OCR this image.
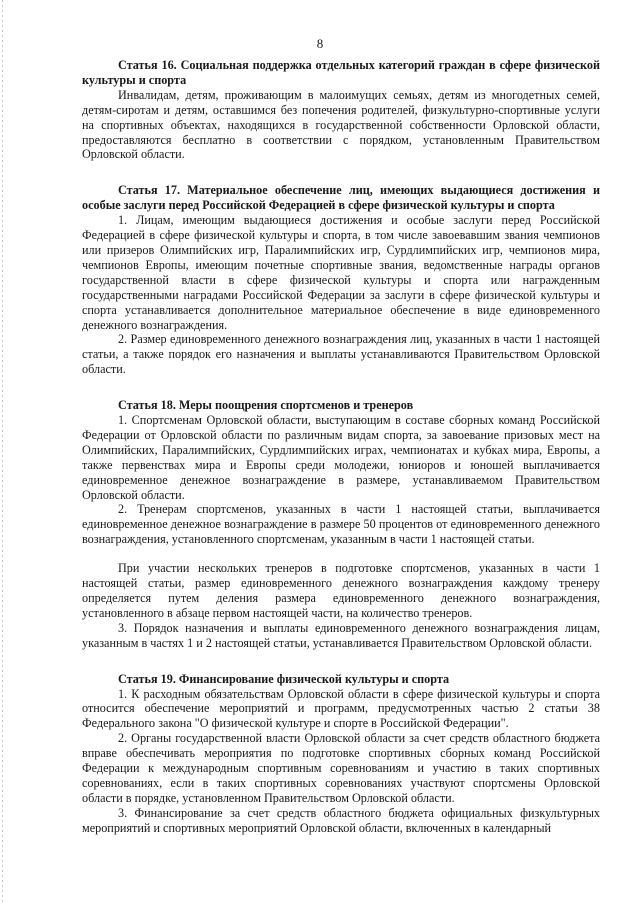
8

Статья 16. Социальная поддержка отдельных категорий граждан в сфере физической культуры и спорта

Инвалидам, детям, проживающим в малоимущих семьях, детям из многодетных семей, детям-сиротам и детям, оставшимся без попечения родителей, физкультурно-спортивные услуги на спортивных объектах, находящихся в государственной собственности Орловской области, предоставляются бесплатно в соответствии с порядком, установленным Правительством Орловской области.

Статья 17. Материальное обеспечение лиц, имеющих выдающиеся достижения и особые заслуги перед Российской Федерацией в сфере физической культуры и спорта

1. Лицам, имеющим выдающиеся достижения и особые заслуги перед Российской Федерацией в сфере физической культуры и спорта, в том числе завоевавшим звания чемпионов или призеров Олимпийских игр, Паралимпийских игр, Сурдлимпийских игр, чемпионов мира, чемпионов Европы, имеющим почетные спортивные звания, ведомственные награды органов государственной власти в сфере физической культуры и спорта или награжденным государственными наградами Российской Федерации за заслуги в сфере физической культуры и спорта устанавливается дополнительное материальное обеспечение в виде единовременного денежного вознаграждения.

2. Размер единовременного денежного вознаграждения лиц, указанных в части 1 настоящей статьи, а также порядок его назначения и выплаты устанавливаются Правительством Орловской области.

Статья 18. Меры поощрения спортсменов и тренеров

1. Спортсменам Орловской области, выступающим в составе сборных команд Российской Федерации от Орловской области по различным видам спорта, за завоевание призовых мест на Олимпийских, Паралимпийских, Сурдлимпийских играх, чемпионатах и кубках мира, Европы, а также первенствах мира и Европы среди молодежи, юниоров и юношей выплачивается единовременное денежное вознаграждение в размере, устанавливаемом Правительством Орловской области.

2. Тренерам спортсменов, указанных в части 1 настоящей статьи, выплачивается единовременное денежное вознаграждение в размере 50 процентов от единовременного денежного вознаграждения, установленного спортсменам, указанным в части 1 настоящей статьи.

При участии нескольких тренеров в подготовке спортсменов, указанных в части 1 настоящей статьи, размер единовременного денежного вознаграждения каждому тренеру определяется путем деления размера единовременного денежного вознаграждения, установленного в абзаце первом настоящей части, на количество тренеров.

3. Порядок назначения и выплаты единовременного денежного вознаграждения лицам, указанным в частях 1 и 2 настоящей статьи, устанавливается Правительством Орловской области.

Статья 19. Финансирование физической культуры и спорта

1. К расходным обязательствам Орловской области в сфере физической культуры и спорта относится обеспечение мероприятий и программ, предусмотренных частью 2 статьи 38 Федерального закона "О физической культуре и спорте в Российской Федерации".

2. Органы государственной власти Орловской области за счет средств областного бюджета вправе обеспечивать мероприятия по подготовке спортивных сборных команд Российской Федерации к международным спортивным соревнованиям и участию в таких спортивных соревнованиях, если в таких спортивных соревнованиях участвуют спортсмены Орловской области в порядке, установленном Правительством Орловской области.

3. Финансирование за счет средств областного бюджета официальных физкультурных мероприятий и спортивных мероприятий Орловской области, включенных в календарный
